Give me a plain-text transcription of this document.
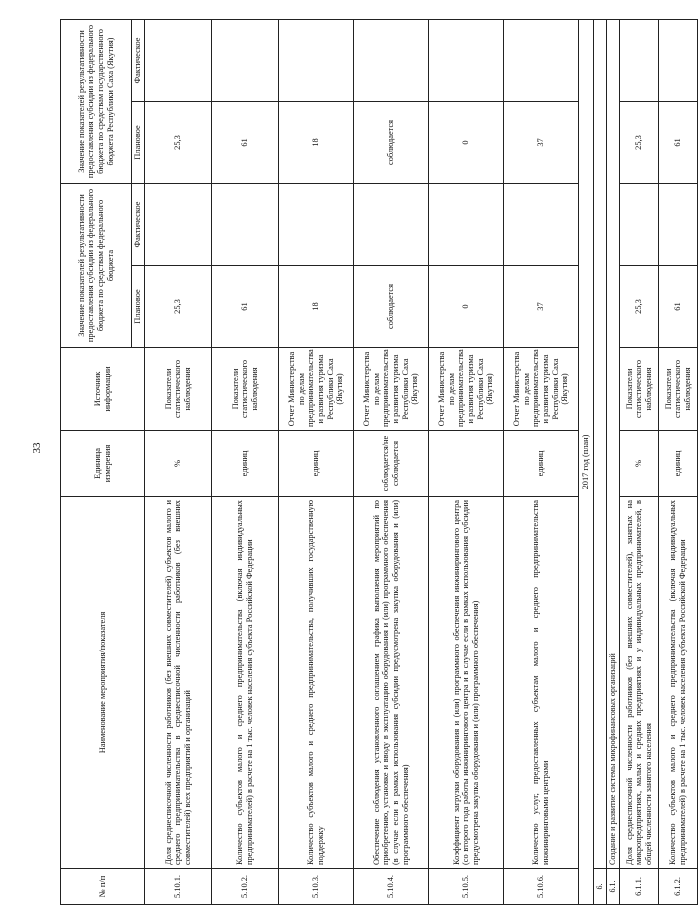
33
№ п/п	Наименование мероприятия/показателя	Единица измерения	Источник информации	Значение показателей результативности предоставления субсидии из федерального бюджета по средствам федерального бюджета		Значение показателей результативности предоставления субсидии из федерального бюджета по средствам государственного бюджета Республики Саха (Якутия)	
				Плановое	Фактическое	Плановое	Фактическое
5.10.1.	Доля среднесписочной численности работников (без внешних совместителей) субъектов малого и среднего предпринимательства в среднесписочной численности работников (без внешних совместителей) всех предприятий и организаций	%	Показатели статистического наблюдения	25,3		25,3	
5.10.2.	Количество субъектов малого и среднего предпринимательства (включая индивидуальных предпринимателей) в расчете на 1 тыс. человек населения субъекта Российской Федерации	единиц	Показатели статистического наблюдения	61		61	
5.10.3.	Количество субъектов малого и среднего предпринимательства, получивших государственную поддержку	единиц	Отчет Министерства по делам предпринимательства и развития туризма Республики Саха (Якутия)	18		18	
5.10.4.	Обеспечение соблюдения установленного соглашением графика выполнения мероприятий по приобретению, установке и вводу в эксплуатацию оборудования и (или) программного обеспечения (в случае если в рамках использования субсидии предусмотрена закупка оборудования и (или) программного обеспечения)	соблюдается/не соблюдается	Отчет Министерства по делам предпринимательства и развития туризма Республики Саха (Якутия)	соблюдается		соблюдается	
5.10.5.	Коэффициент загрузки оборудования и (или) программного обеспечения инжинирингового центра (со второго года работы инжинирингового центра и в случае если в рамках использования субсидии предусмотрена закупка оборудования и (или) программного обеспечения)		Отчет Министерства по делам предпринимательства и развития туризма Республики Саха (Якутия)	0		0	
5.10.6.	Количество услуг, предоставленных субъектам малого и среднего предпринимательства инжиниринговыми центрами	единиц	Отчет Министерства по делам предпринимательства и развития туризма Республики Саха (Якутия)	37		37	
2017 год (план)							
6.							
6.1.	Создание и развитие системы микрофинансовых организаций						
6.1.1.	Доля среднесписочной численности работников (без внешних совместителей), занятых на микропредприятиях, малых и средних предприятиях и у индивидуальных предпринимателей, в общей численности занятого населения	%	Показатели статистического наблюдения	25,3		25,3	
6.1.2.	Количество субъектов малого и среднего предпринимательства (включая индивидуальных предпринимателей) в расчете на 1 тыс. человек населения субъекта Российской Федерации	единиц	Показатели статистического наблюдения	61		61	
